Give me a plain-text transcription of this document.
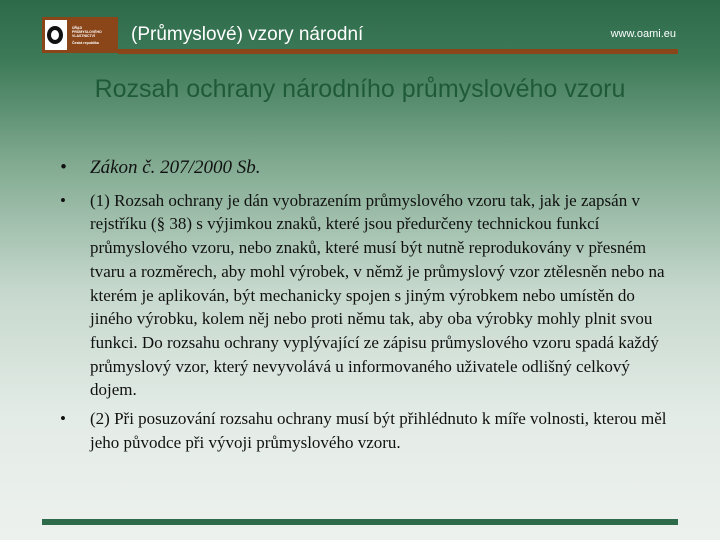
ÚŘAD
PRŮMYSLOVÉHO
VLASTNICTVÍ
Česká republika (Průmyslové) vzory národní	www.oami.eu
Rozsah ochrany národního průmyslového vzoru
• Zákon č. 207/2000 Sb.
• (1) Rozsah ochrany je dán vyobrazením průmyslového vzoru tak, jak je zapsán v rejstříku (§ 38) s výjimkou znaků, které jsou předurčeny technickou funkcí průmyslového vzoru, nebo znaků, které musí být nutně reprodukovány v přesném tvaru a rozměrech, aby mohl výrobek, v němž je průmyslový vzor ztělesněn nebo na kterém je aplikován, být mechanicky spojen s jiným výrobkem nebo umístěn do jiného výrobku, kolem něj nebo proti němu tak, aby oba výrobky mohly plnit svou funkci. Do rozsahu ochrany vyplývající ze zápisu průmyslového vzoru spadá každý průmyslový vzor, který nevyvolává u informovaného uživatele odlišný celkový dojem.
• (2) Při posuzování rozsahu ochrany musí být přihlédnuto k míře volnosti, kterou měl jeho původce při vývoji průmyslového vzoru.
